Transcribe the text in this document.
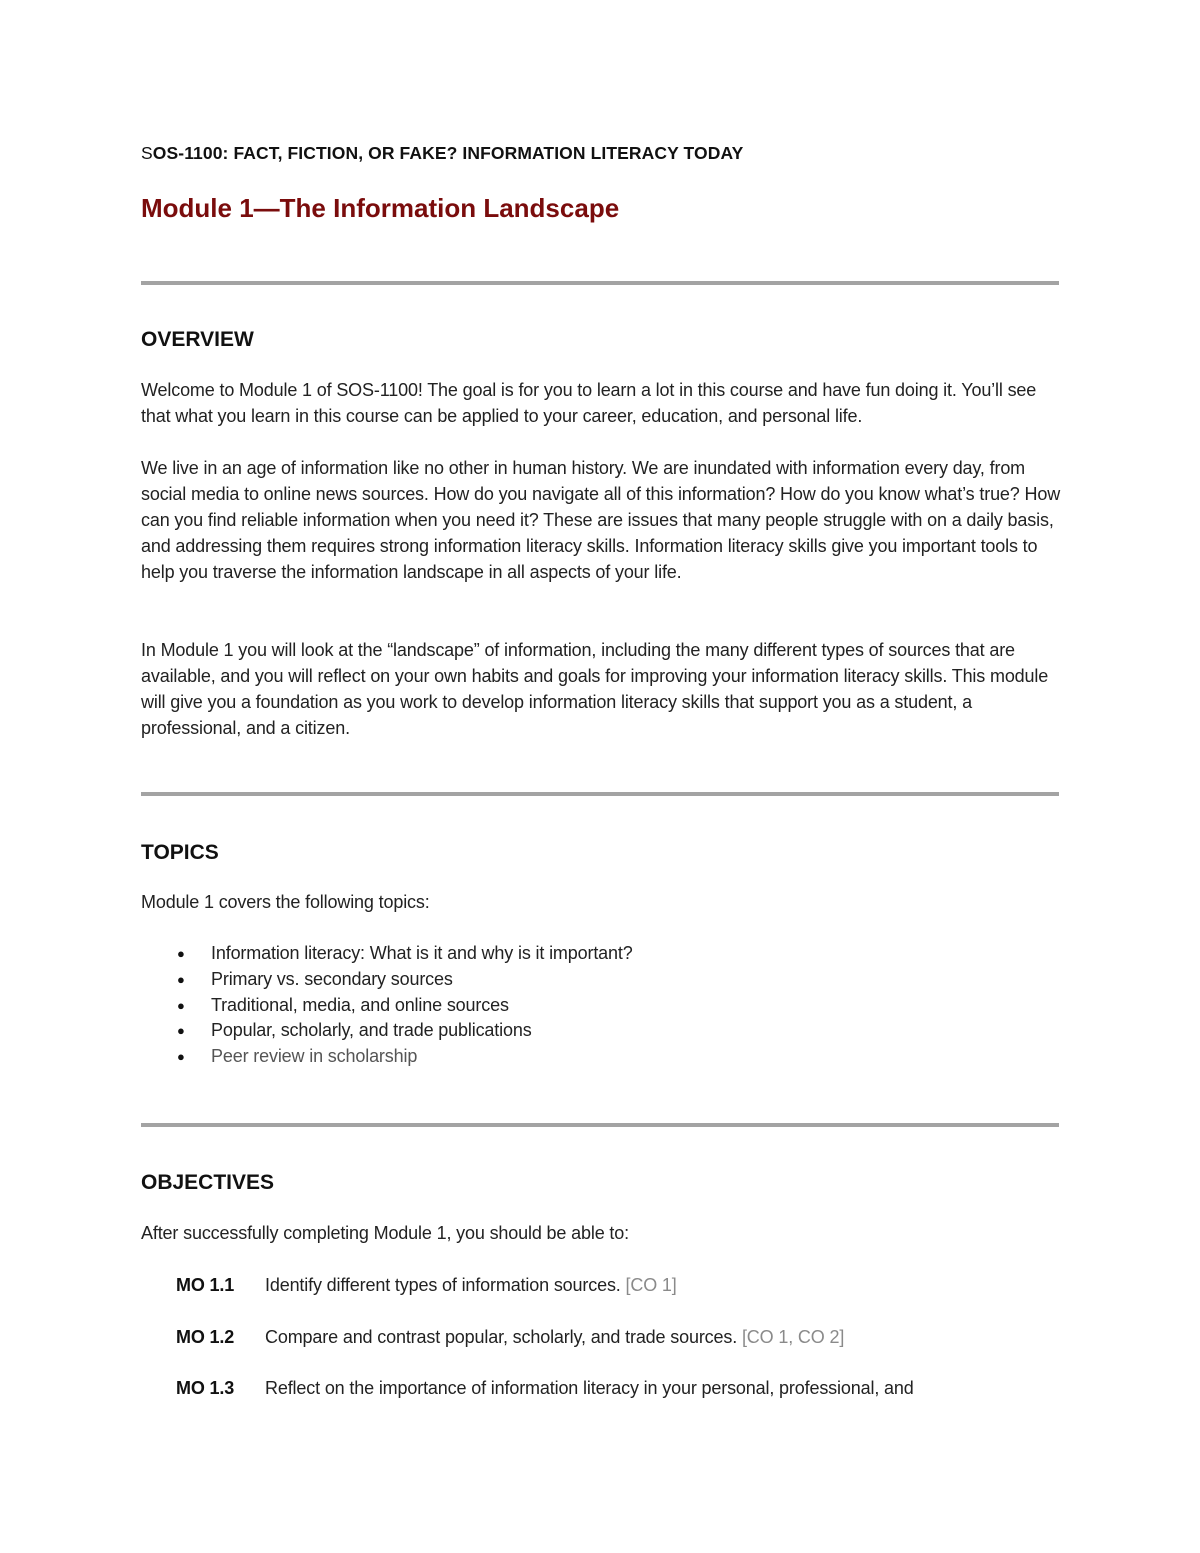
SOS-1100: FACT, FICTION, OR FAKE? INFORMATION LITERACY TODAY
Module 1—The Information Landscape
OVERVIEW
Welcome to Module 1 of SOS-1100! The goal is for you to learn a lot in this course and have fun doing it. You’ll see that what you learn in this course can be applied to your career, education, and personal life.
We live in an age of information like no other in human history. We are inundated with information every day, from social media to online news sources. How do you navigate all of this information? How do you know what’s true? How can you find reliable information when you need it? These are issues that many people struggle with on a daily basis, and addressing them requires strong information literacy skills. Information literacy skills give you important tools to help you traverse the information landscape in all aspects of your life.
In Module 1 you will look at the “landscape” of information, including the many different types of sources that are available, and you will reflect on your own habits and goals for improving your information literacy skills. This module will give you a foundation as you work to develop information literacy skills that support you as a student, a professional, and a citizen.
TOPICS
Module 1 covers the following topics:
● Information literacy: What is it and why is it important?
● Primary vs. secondary sources
● Traditional, media, and online sources
● Popular, scholarly, and trade publications
● Peer review in scholarship
OBJECTIVES
After successfully completing Module 1, you should be able to:
MO 1.1 Identify different types of information sources. [CO 1]
MO 1.2 Compare and contrast popular, scholarly, and trade sources. [CO 1, CO 2]
MO 1.3 Reflect on the importance of information literacy in your personal, professional, and
